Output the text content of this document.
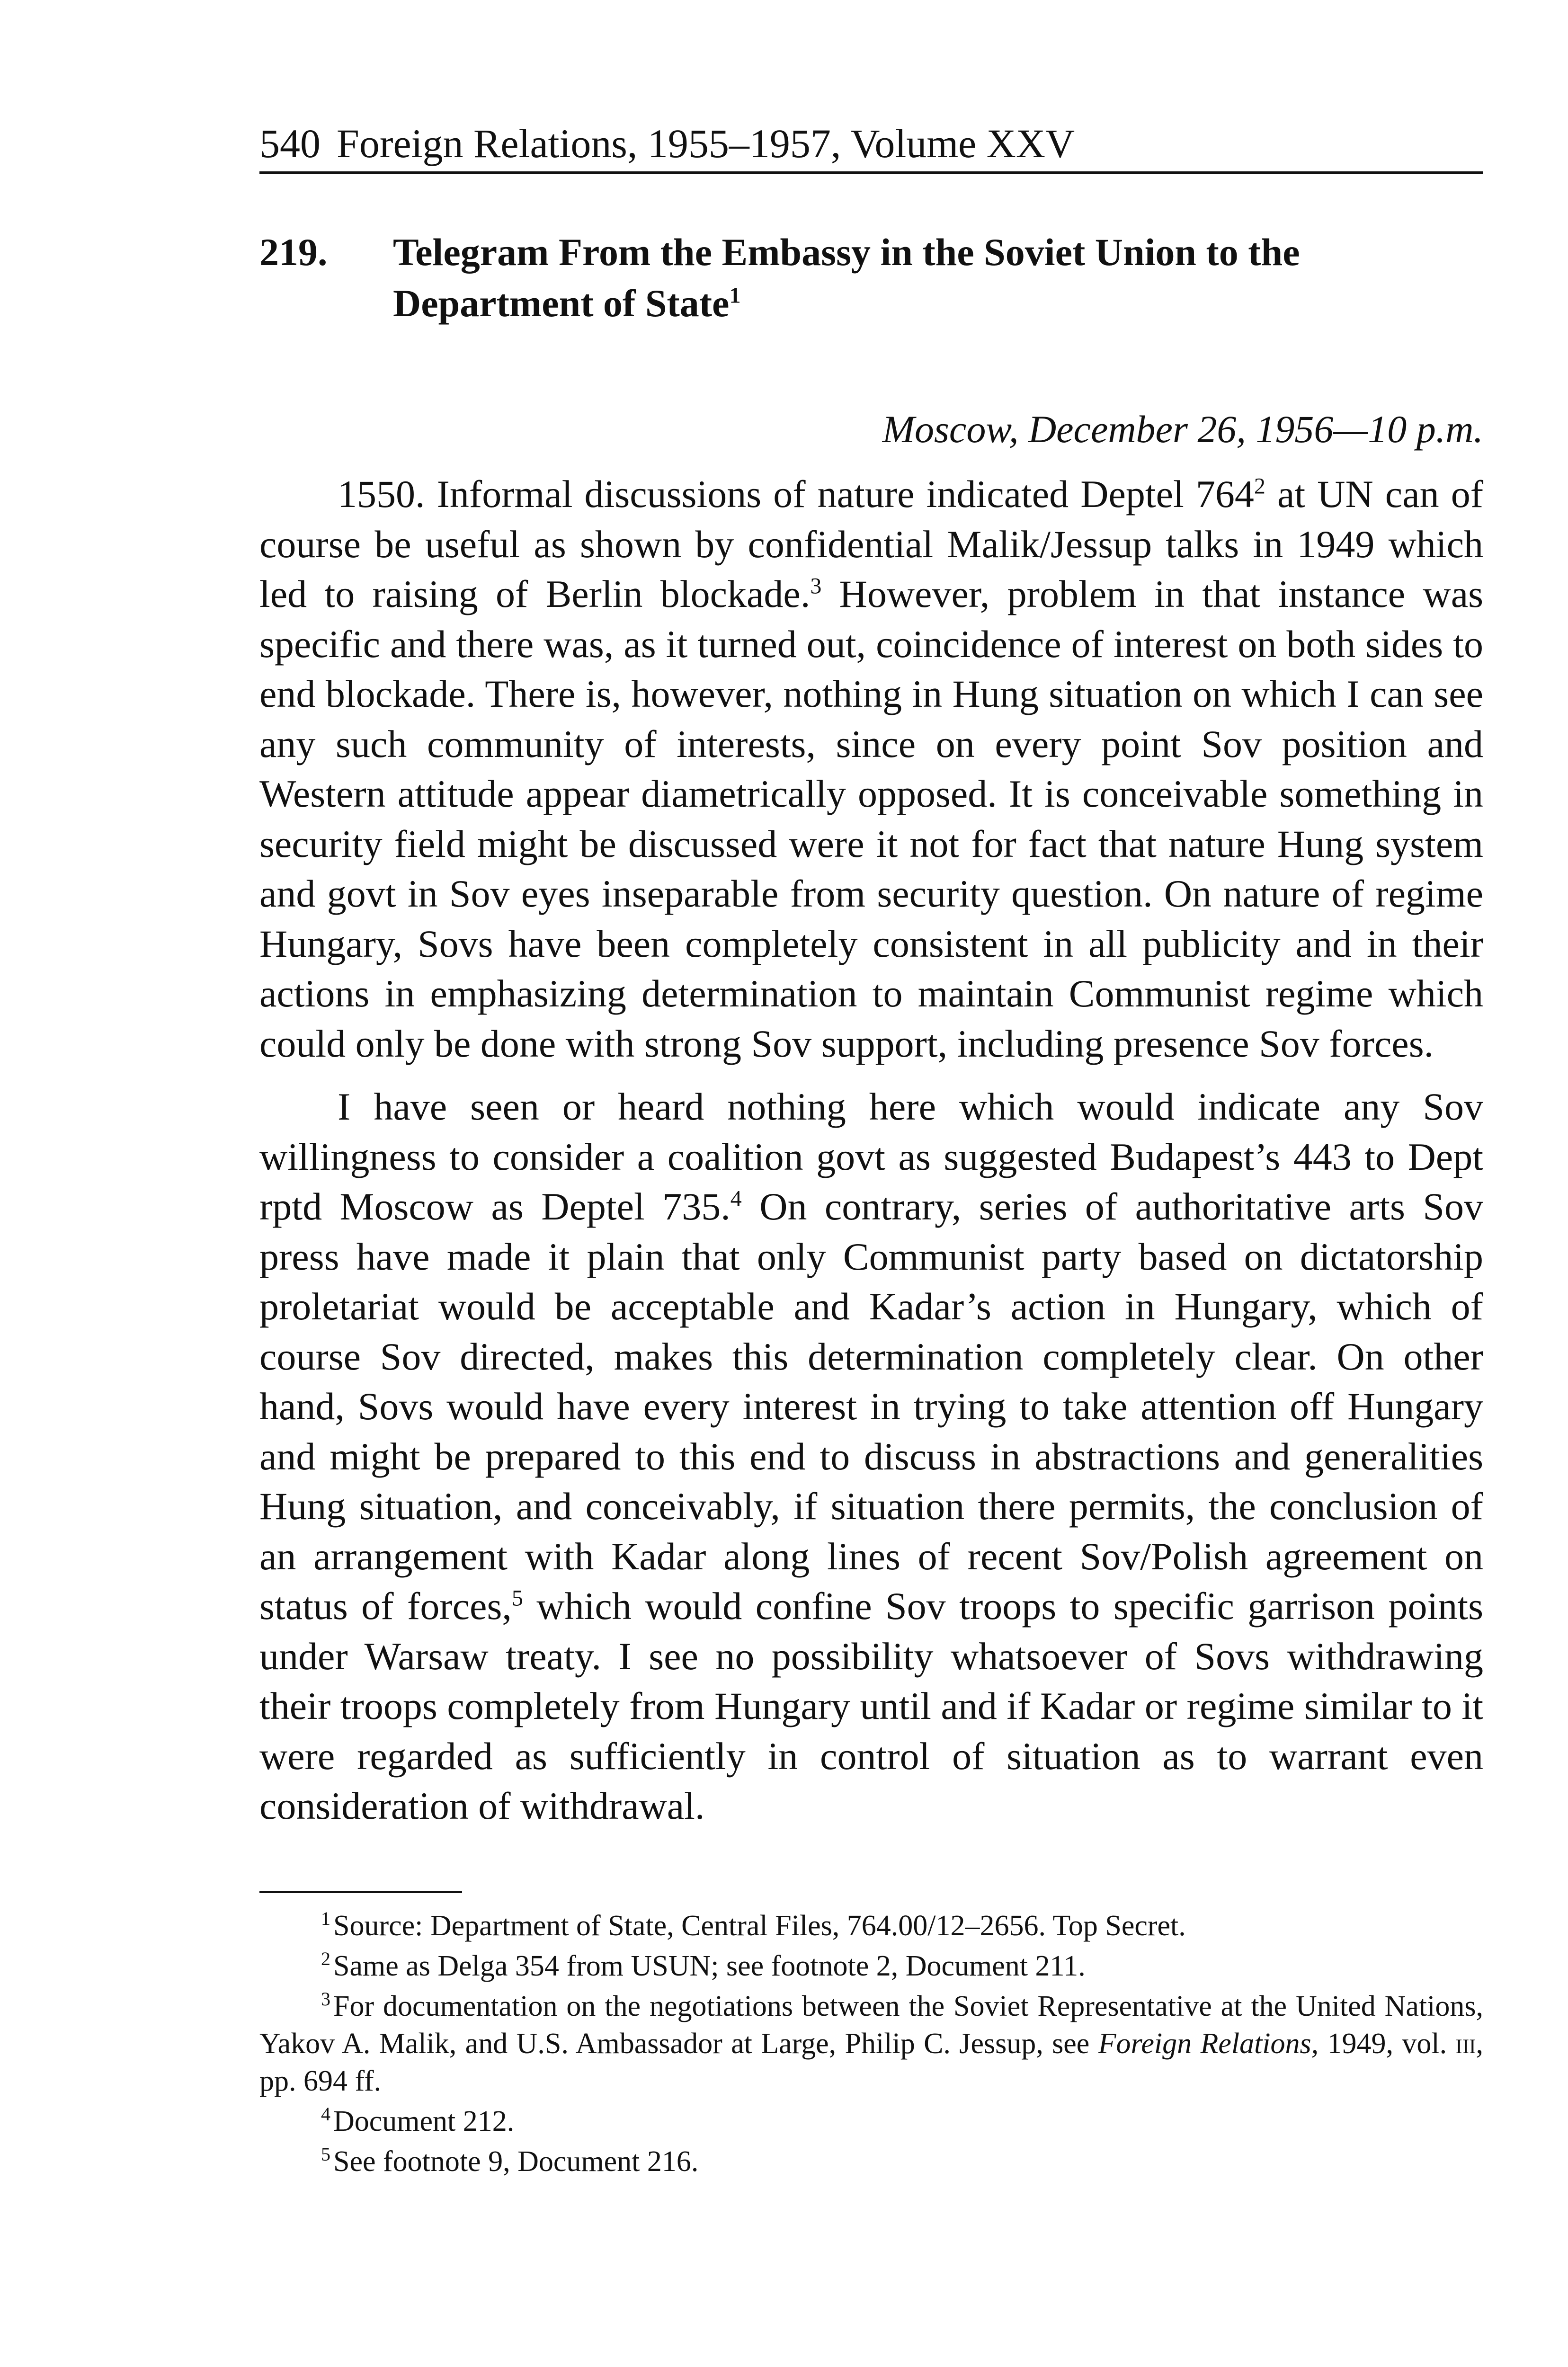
540 Foreign Relations, 1955–1957, Volume XXV
219.	Telegram From the Embassy in the Soviet Union to the Department of State$^1$
Moscow, December 26, 1956—10 p.m.

1550. Informal discussions of nature indicated Deptel $764^2$ at UN can of course be useful as shown by confidential Malik/Jessup talks in 1949 which led to raising of Berlin blockade.$^3$ However, problem in that instance was specific and there was, as it turned out, coincidence of interest on both sides to end blockade. There is, however, nothing in Hung situation on which I can see any such community of interests, since on every point Sov position and Western attitude appear diametrically opposed. It is conceivable something in security field might be discussed were it not for fact that nature Hung system and govt in Sov eyes inseparable from security question. On nature of regime Hungary, Sovs have been completely consistent in all publicity and in their actions in emphasizing determination to maintain Communist regime which could only be done with strong Sov support, including presence Sov forces.

I have seen or heard nothing here which would indicate any Sov willingness to consider a coalition govt as suggested Budapest’s 443 to Dept rptd Moscow as Deptel 735.$^4$ On contrary, series of authoritative arts Sov press have made it plain that only Communist party based on dictatorship proletariat would be acceptable and Kadar’s action in Hungary, which of course Sov directed, makes this determination completely clear. On other hand, Sovs would have every interest in trying to take attention off Hungary and might be prepared to this end to discuss in abstractions and generalities Hung situation, and conceivably, if situation there permits, the conclusion of an arrangement with Kadar along lines of recent Sov/Polish agreement on status of forces,$^5$ which would confine Sov troops to specific garrison points under Warsaw treaty. I see no possibility whatsoever of Sovs withdrawing their troops completely from Hungary until and if Kadar or regime similar to it were regarded as sufficiently in control of situation as to warrant even consideration of withdrawal.

$^1$Source: Department of State, Central Files, 764.00/12–2656. Top Secret.

$^2$Same as Delga 354 from USUN; see footnote 2, Document 211.

$^3$For documentation on the negotiations between the Soviet Representative at the United Nations, Yakov A. Malik, and U.S. Ambassador at Large, Philip C. Jessup, see Foreign Relations, 1949, vol. iii, pp. 694 ff.

$^4$Document 212.

$^5$See footnote 9, Document 216.
